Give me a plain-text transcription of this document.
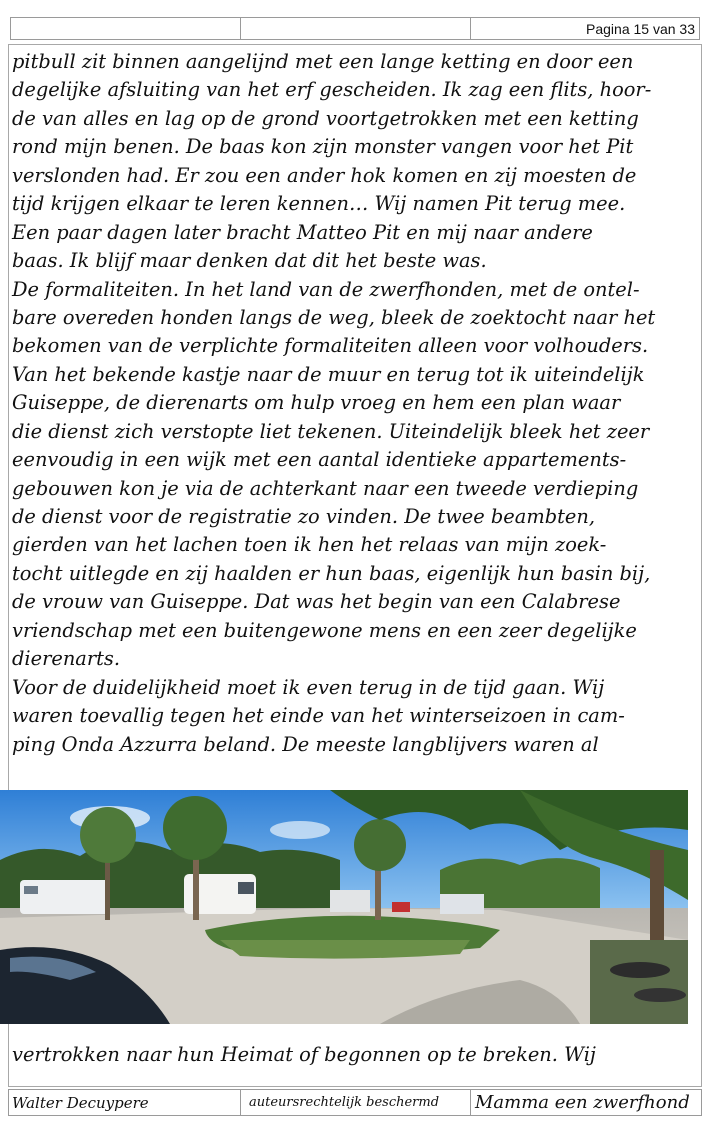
Pagina 15 van 33
pitbull zit binnen aangelijnd met een lange ketting en door een
degelijke afsluiting van het erf gescheiden. Ik zag een flits, hoor-
de van alles en lag op de grond voortgetrokken met een ketting
rond mijn benen. De baas kon zijn monster vangen voor het Pit
verslonden had. Er zou een ander hok komen en zij moesten de
tijd krijgen elkaar te leren kennen… Wij namen Pit terug mee.
Een paar dagen later bracht Matteo Pit en mij naar andere
baas. Ik blijf maar denken dat dit het beste was.
De formaliteiten. In het land van de zwerfhonden, met de ontel-
bare overeden honden langs de weg, bleek de zoektocht naar het
bekomen van de verplichte formaliteiten alleen voor volhouders.
Van het bekende kastje naar de muur en terug tot ik uiteindelijk
Guiseppe, de dierenarts om hulp vroeg en hem een plan waar
die dienst zich verstopte liet tekenen. Uiteindelijk bleek het zeer
eenvoudig in een wijk met een aantal identieke appartements-
gebouwen kon je via de achterkant naar een tweede verdieping
de dienst voor de registratie zo vinden. De twee beambten,
gierden van het lachen toen ik hen het relaas van mijn zoek-
tocht uitlegde en zij haalden er hun baas, eigenlijk hun basin bij,
de vrouw van Guiseppe. Dat was het begin van een Calabrese
vriendschap met een buitengewone mens en een zeer degelijke
dierenarts.
Voor de duidelijkheid moet ik even terug in de tijd gaan. Wij
waren toevallig tegen het einde van het winterseizoen in cam-
ping Onda Azzurra beland. De meeste langblijvers waren al
vertrokken naar hun Heimat of begonnen op te breken. Wij
Walter Decuypere	auteursrechtelijk beschermd	Mamma een zwerfhond
